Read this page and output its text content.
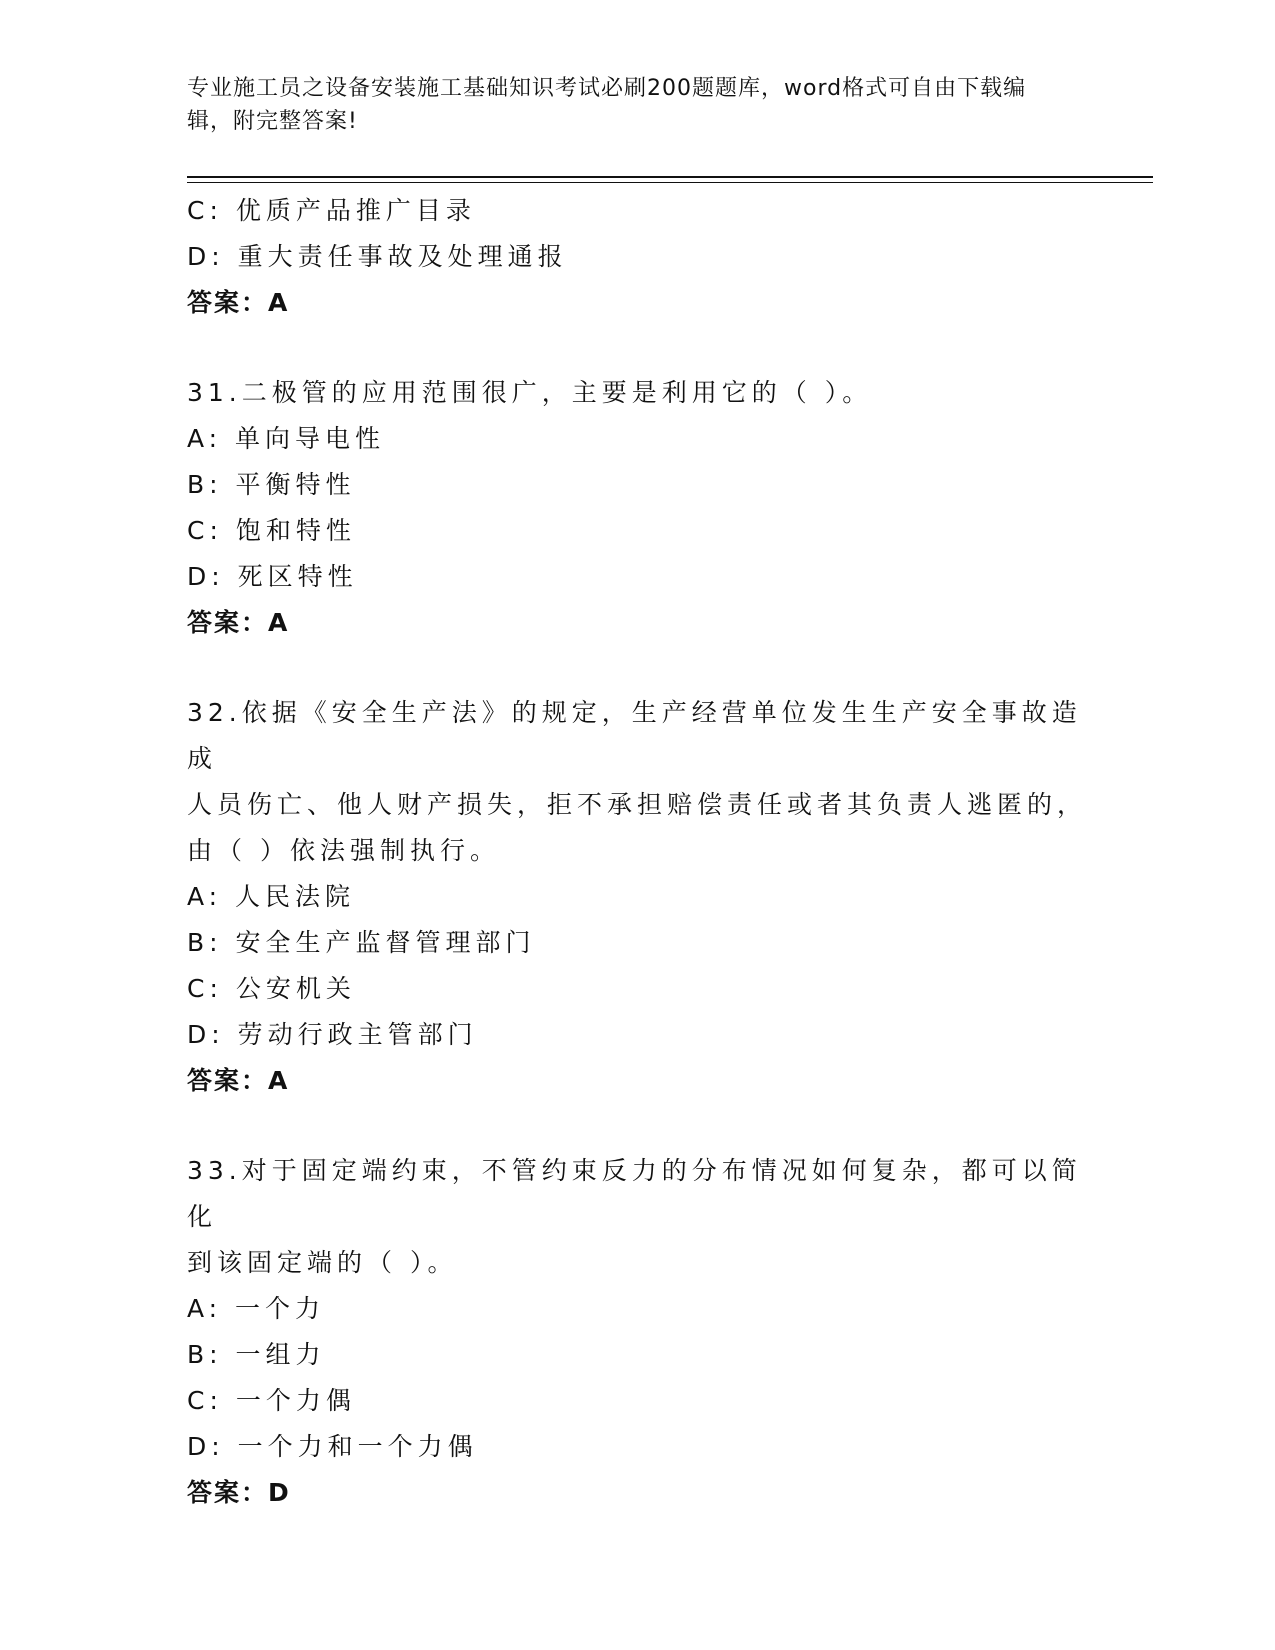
专业施工员之设备安装施工基础知识考试必刷200题题库，word格式可自由下载编辑，附完整答案!
C: 优质产品推广目录
D: 重大责任事故及处理通报
答案：A
31.二极管的应用范围很广，主要是利用它的（ ）。
A: 单向导电性
B: 平衡特性
C: 饱和特性
D: 死区特性
答案：A
32.依据《安全生产法》的规定，生产经营单位发生生产安全事故造成
人员伤亡、他人财产损失，拒不承担赔偿责任或者其负责人逃匿的，
由（ ）依法强制执行。
A: 人民法院
B: 安全生产监督管理部门
C: 公安机关
D: 劳动行政主管部门
答案：A
33.对于固定端约束，不管约束反力的分布情况如何复杂，都可以简化
到该固定端的（ ）。
A: 一个力
B: 一组力
C: 一个力偶
D: 一个力和一个力偶
答案：D
